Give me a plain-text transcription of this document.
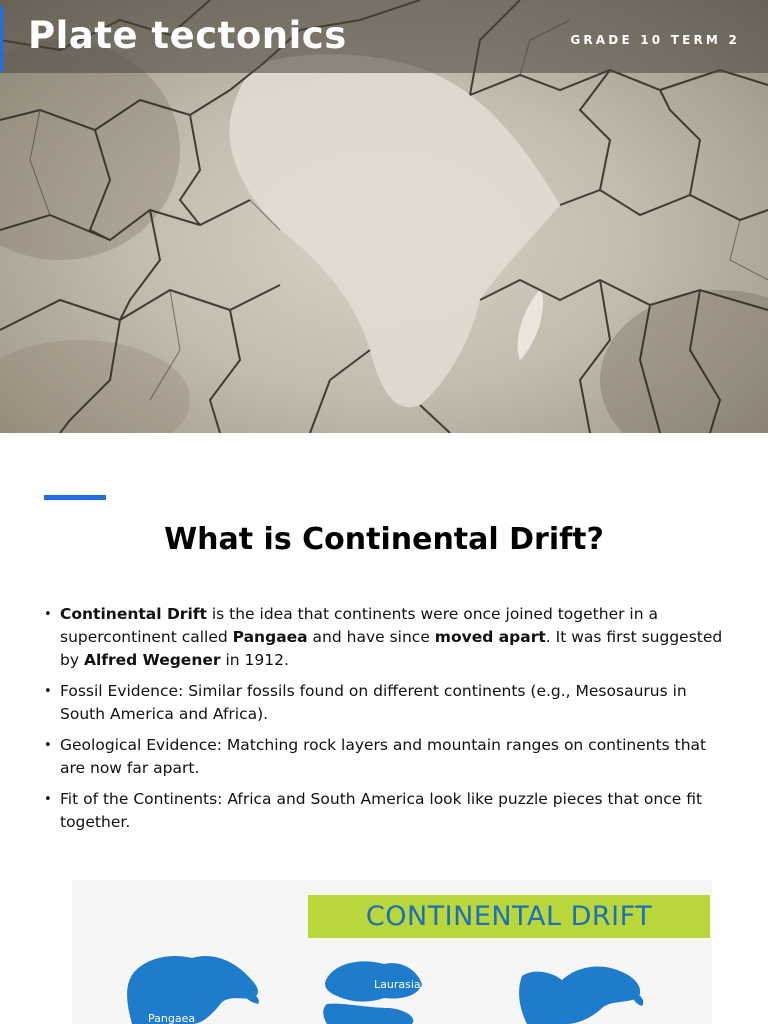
Plate tectonics	GRADE 10 TERM 2
What is Continental Drift?
• Continental Drift is the idea that continents were once joined together in a supercontinent called Pangaea and have since moved apart. It was first suggested by Alfred Wegener in 1912.
• Fossil Evidence: Similar fossils found on different continents (e.g., Mesosaurus in South America and Africa).
• Geological Evidence: Matching rock layers and mountain ranges on continents that are now far apart.
• Fit of the Continents: Africa and South America look like puzzle pieces that once fit together.
CONTINENTAL DRIFT
Pangaea
Laurasia
